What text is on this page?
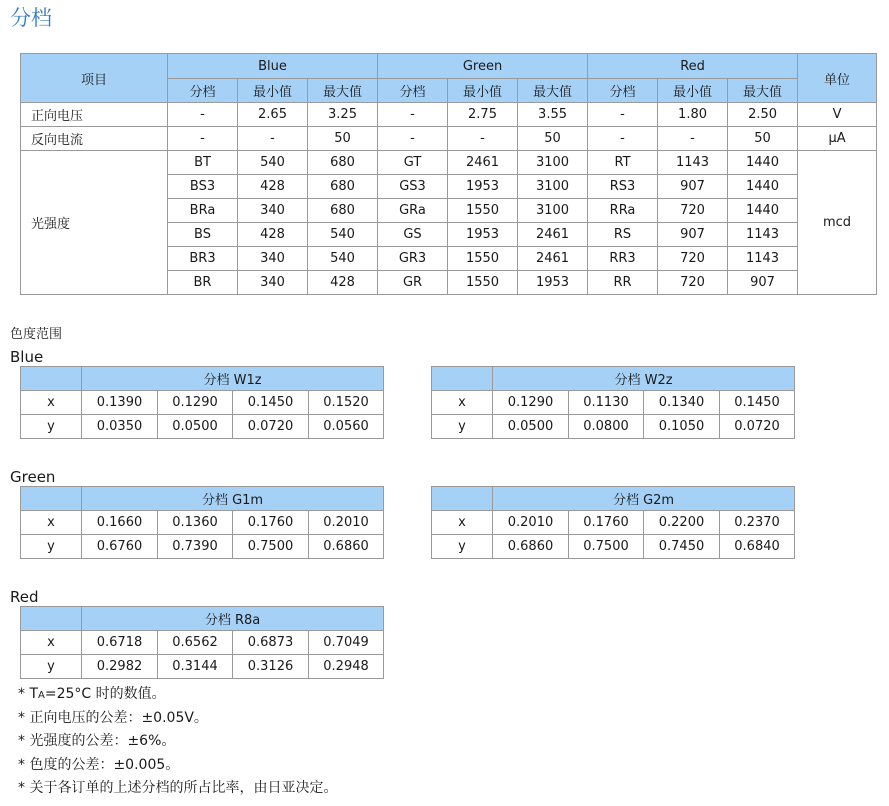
分档
项目	Blue			Green			Red			单位
	分档	最小值	最大值	分档	最小值	最大值	分档	最小值	最大值	
正向电压	-	2.65	3.25	-	2.75	3.55	-	1.80	2.50	V
反向电流	-	-	50	-	-	50	-	-	50	μA
光强度	BT	540	680	GT	2461	3100	RT	1143	1440	mcd
	BS3	428	680	GS3	1953	3100	RS3	907	1440	
	BRa	340	680	GRa	1550	3100	RRa	720	1440	
	BS	428	540	GS	1953	2461	RS	907	1143	
	BR3	340	540	GR3	1550	2461	RR3	720	1143	
	BR	340	428	GR	1550	1953	RR	720	907	
色度范围
Blue
	分档 W1z			
x	0.1390	0.1290	0.1450	0.1520
y	0.0350	0.0500	0.0720	0.0560
	分档 W2z			
x	0.1290	0.1130	0.1340	0.1450
y	0.0500	0.0800	0.1050	0.0720
Green
	分档 G1m			
x	0.1660	0.1360	0.1760	0.2010
y	0.6760	0.7390	0.7500	0.6860
	分档 G2m			
x	0.2010	0.1760	0.2200	0.2370
y	0.6860	0.7500	0.7450	0.6840
Red
	分档 R8a			
x	0.6718	0.6562	0.6873	0.7049
y	0.2982	0.3144	0.3126	0.2948
* TA=25°C 时的数值。
* 正向电压的公差：±0.05V。
* 光强度的公差：±6%。
* 色度的公差：±0.005。
* 关于各订单的上述分档的所占比率，由日亚决定。
